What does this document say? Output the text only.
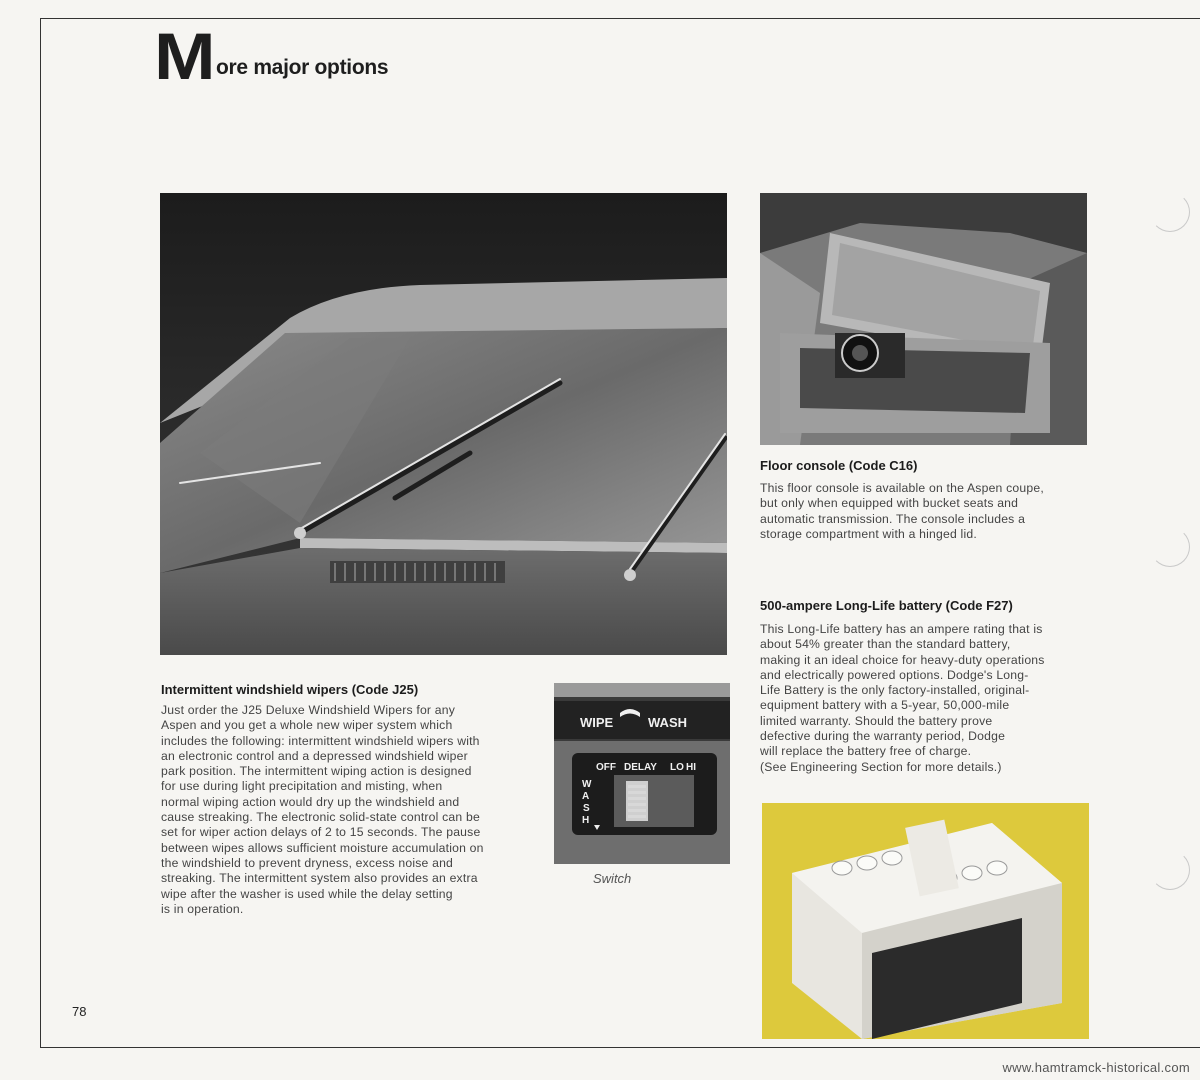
M ore major options
WIPE	WASH
OFF DELAY LO HI
W
A
S
H
Intermittent windshield wipers (Code J25)
Just order the J25 Deluxe Windshield Wipers for any
Aspen and you get a whole new wiper system which
includes the following: intermittent windshield wipers with
an electronic control and a depressed windshield wiper
park position. The intermittent wiping action is designed
for use during light precipitation and misting, when
normal wiping action would dry up the windshield and
cause streaking. The electronic solid-state control can be
set for wiper action delays of 2 to 15 seconds. The pause
between wipes allows sufficient moisture accumulation on
the windshield to prevent dryness, excess noise and
streaking. The intermittent system also provides an extra
wipe after the washer is used while the delay setting
is in operation.
Switch
Floor console (Code C16)
This floor console is available on the Aspen coupe,
but only when equipped with bucket seats and
automatic transmission. The console includes a
storage compartment with a hinged lid.
500-ampere Long-Life battery (Code F27)
This Long-Life battery has an ampere rating that is
about 54% greater than the standard battery,
making it an ideal choice for heavy-duty operations
and electrically powered options. Dodge's Long-
Life Battery is the only factory-installed, original-
equipment battery with a 5-year, 50,000-mile
limited warranty. Should the battery prove
defective during the warranty period, Dodge
will replace the battery free of charge.
(See Engineering Section for more details.)
78
www.hamtramck-historical.com
